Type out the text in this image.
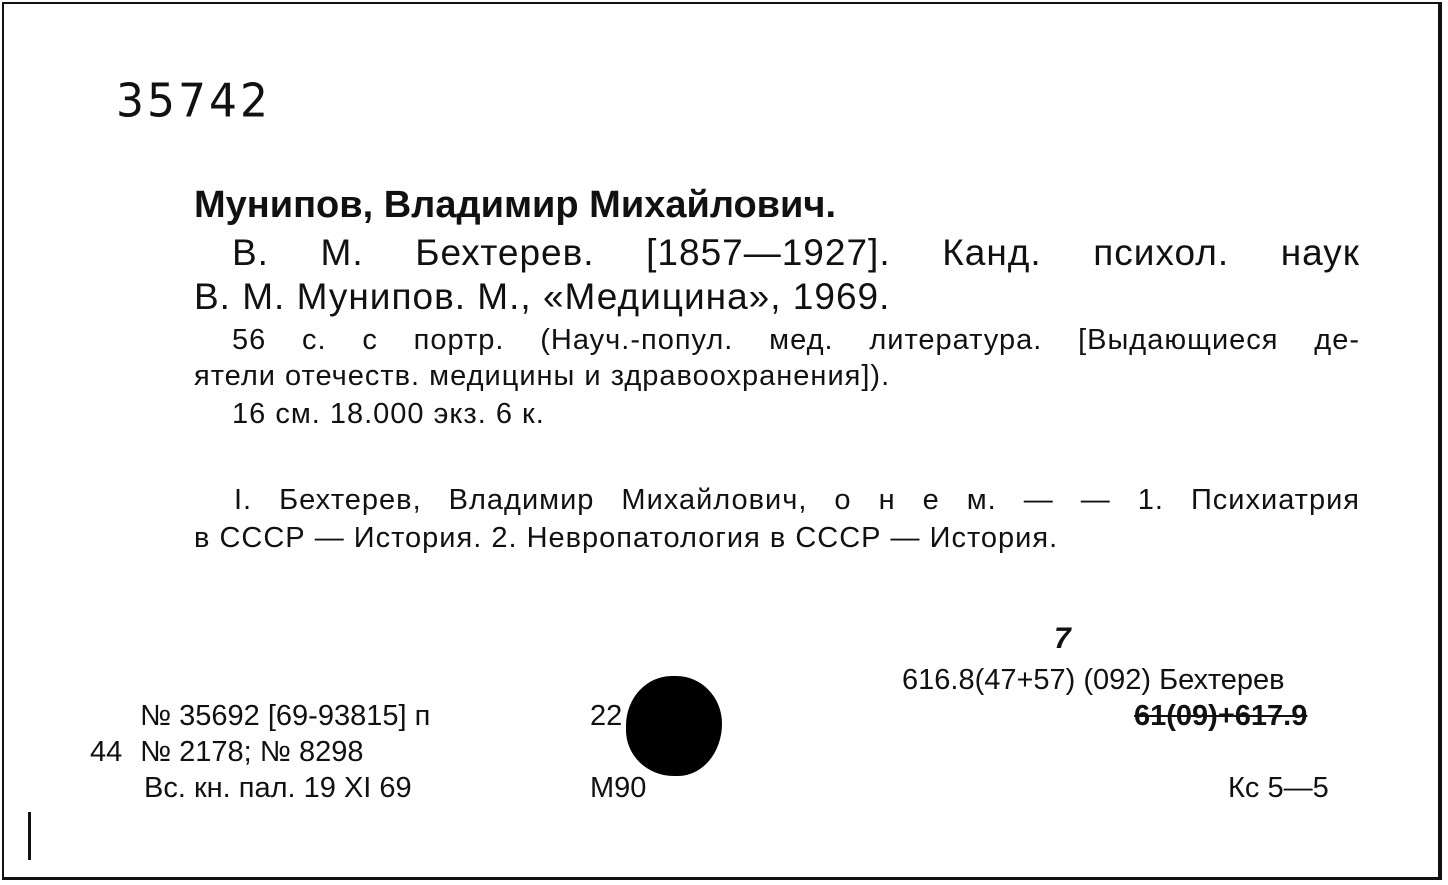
35742
Мунипов, Владимир Михайлович.
В. М. Бехтерев. [1857—1927]. Канд. психол. наук
В. М. Мунипов. М., «Медицина», 1969.
56 с. с портр. (Науч.-попул. мед. литература. [Выдающиеся де-
ятели отечеств. медицины и здравоохранения]).
16 см. 18.000 экз. 6 к.
I. Бехтерев, Владимир Михайлович, о н е м. — — 1. Психиатрия
в СССР — История. 2. Невропатология в СССР — История.
№ 35692 [69-93815] п
44 № 2178; № 8298
Вс. кн. пал. 19 XI 69
22
М90
7
616.8(47+57) (092) Бехтерев
61(09)+617.9
Кс 5—5
